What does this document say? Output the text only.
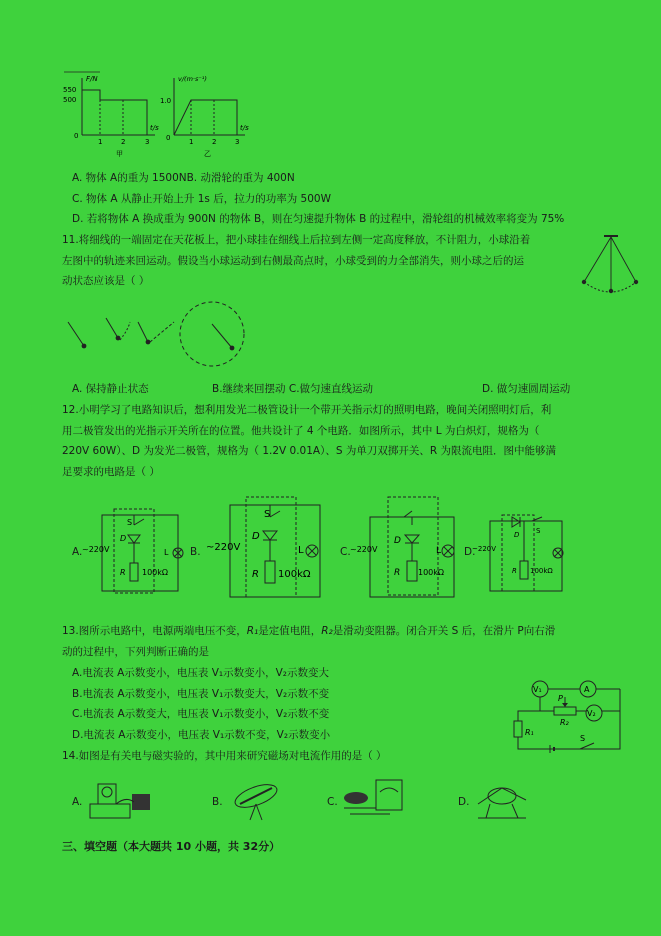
F/N
550
500
0
1	2	3
t/s
甲
v/(m·s⁻¹)
1.0
0	1	2	3
t/s
乙
A. 物体 A的重为 1500NB. 动滑轮的重为 400N
C. 物体 A 从静止开始上升 1s 后，拉力的功率为 500W
D. 若将物体 A 换成重为 900N 的物体 B，则在匀速提升物体 B 的过程中，滑轮组的机械效率将变为 75%
11.将细线的一端固定在天花板上，把小球挂在细线上后拉到左侧一定高度释放，不计阻力，小球沿着
左图中的轨迹来回运动。假设当小球运动到右侧最高点时，小球受到的力全部消失，则小球之后的运
动状态应该是（ ）
A. 保持静止状态	B.继续来回摆动 C.做匀速直线运动	D. 做匀速圆周运动
12.小明学习了电路知识后，想利用发光二极管设计一个带开关指示灯的照明电路，晚间关闭照明灯后，利
用二极管发出的光指示开关所在的位置。他共设计了 4 个电路．如图所示，其中 L 为白炽灯，规格为（
220V 60W）、D 为发光二极管，规格为（ 1.2V 0.01A）、S 为单刀双掷开关、R 为限流电阻．图中能够满
足要求的电路是（ ）
A. ~220V
S
D
R 100kΩ
L B. ~220V
S
D
R 100kΩ
L	C. ~220V
D
R 100kΩ
L D.
~220V
D S
R 100kΩ
13.图所示电路中，电源两端电压不变，R₁是定值电阻，R₂是滑动变阻器。闭合开关 S 后，在滑片 P向右滑
动的过程中，下列判断正确的是
A.电流表 A示数变小，电压表 V₁示数变小，V₂示数变大
B.电流表 A示数变小，电压表 V₁示数变大，V₂示数不变
C.电流表 A示数变大，电压表 V₁示数变小，V₂示数不变
D.电流表 A示数变小，电压表 V₁示数不变，V₂示数变小
V₁	A
V₂
P
R₂
R₁
S
14.如图是有关电与磁实验的，其中用来研究磁场对电流作用的是（ ）
A.	B.	C.	D.
三、填空题（本大题共 10 小题，共 32分）
